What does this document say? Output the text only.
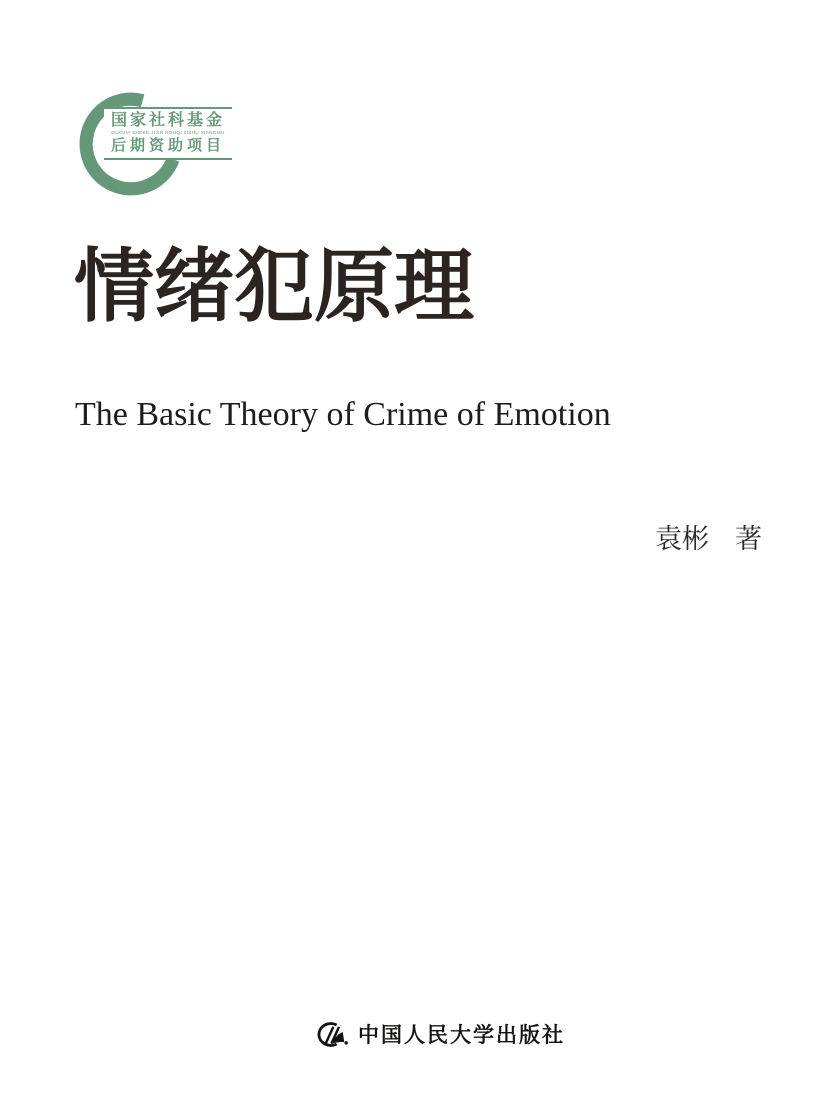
国家社科基金
GUOJIA SHEKE JIJIN HOUQI ZIZHU XIANGMU
后期资助项目
情绪犯原理
The Basic Theory of Crime of Emotion
袁彬 著
中国人民大学出版社
